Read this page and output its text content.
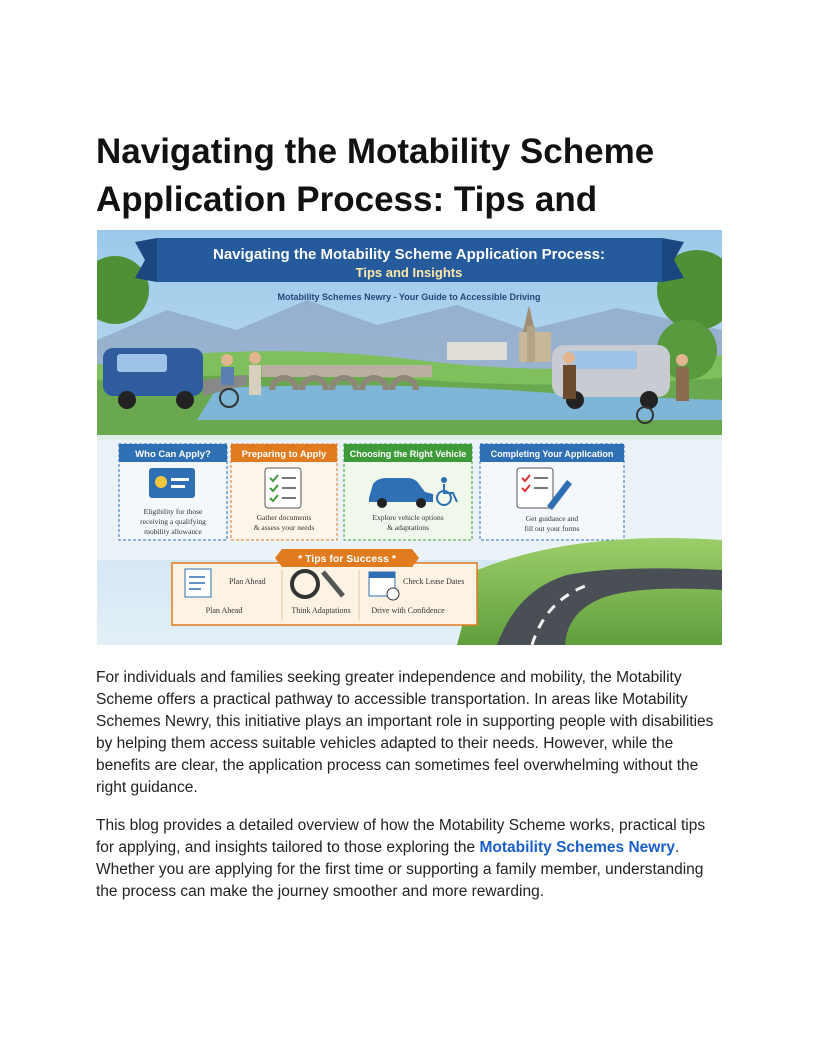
Navigating the Motability Scheme Application Process: Tips and
Navigating the Motability Scheme Application Process:
Tips and Insights
Motability Schemes Newry - Your Guide to Accessible Driving
Who Can Apply?
Eligibility for those
receiving a qualifying
mobility allowance
Preparing to Apply
Gather documents
& assess your needs
Choosing the Right Vehicle
Explore vehicle options
& adaptations
Completing Your Application
Get guidance and
fill out your forms
* Tips for Success *
Plan Ahead
Plan Ahead	Think Adaptations
Check Lease Dates
Drive with Confidence

For individuals and families seeking greater independence and mobility, the Motability Scheme offers a practical pathway to accessible transportation. In areas like Motability Schemes Newry, this initiative plays an important role in supporting people with disabilities by helping them access suitable vehicles adapted to their needs. However, while the benefits are clear, the application process can sometimes feel overwhelming without the right guidance.

This blog provides a detailed overview of how the Motability Scheme works, practical tips for applying, and insights tailored to those exploring the Motability Schemes Newry. Whether you are applying for the first time or supporting a family member, understanding the process can make the journey smoother and more rewarding.
